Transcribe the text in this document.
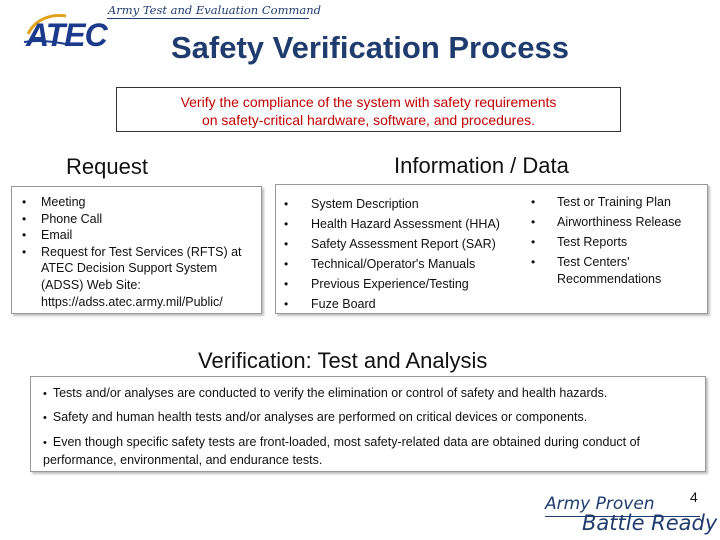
ATEC
Army Test and Evaluation Command
Safety Verification Process
Verify the compliance of the system with safety requirements
on safety-critical hardware, software, and procedures.
Request
• Meeting
• Phone Call
• Email
• Request for Test Services (RFTS) at ATEC Decision Support System (ADSS) Web Site: https://adss.atec.army.mil/Public/
Information / Data
• System Description
• Health Hazard Assessment (HHA)
• Safety Assessment Report (SAR)
• Technical/Operator's Manuals
• Previous Experience/Testing
• Fuze Board
• Test or Training Plan
• Airworthiness Release
• Test Reports
• Test Centers' Recommendations
Verification: Test and Analysis
• Tests and/or analyses are conducted to verify the elimination or control of safety and health hazards.
• Safety and human health tests and/or analyses are performed on critical devices or components.
• Even though specific safety tests are front-loaded, most safety-related data are obtained during conduct of performance, environmental, and endurance tests.
4
Army Proven
Battle Ready
